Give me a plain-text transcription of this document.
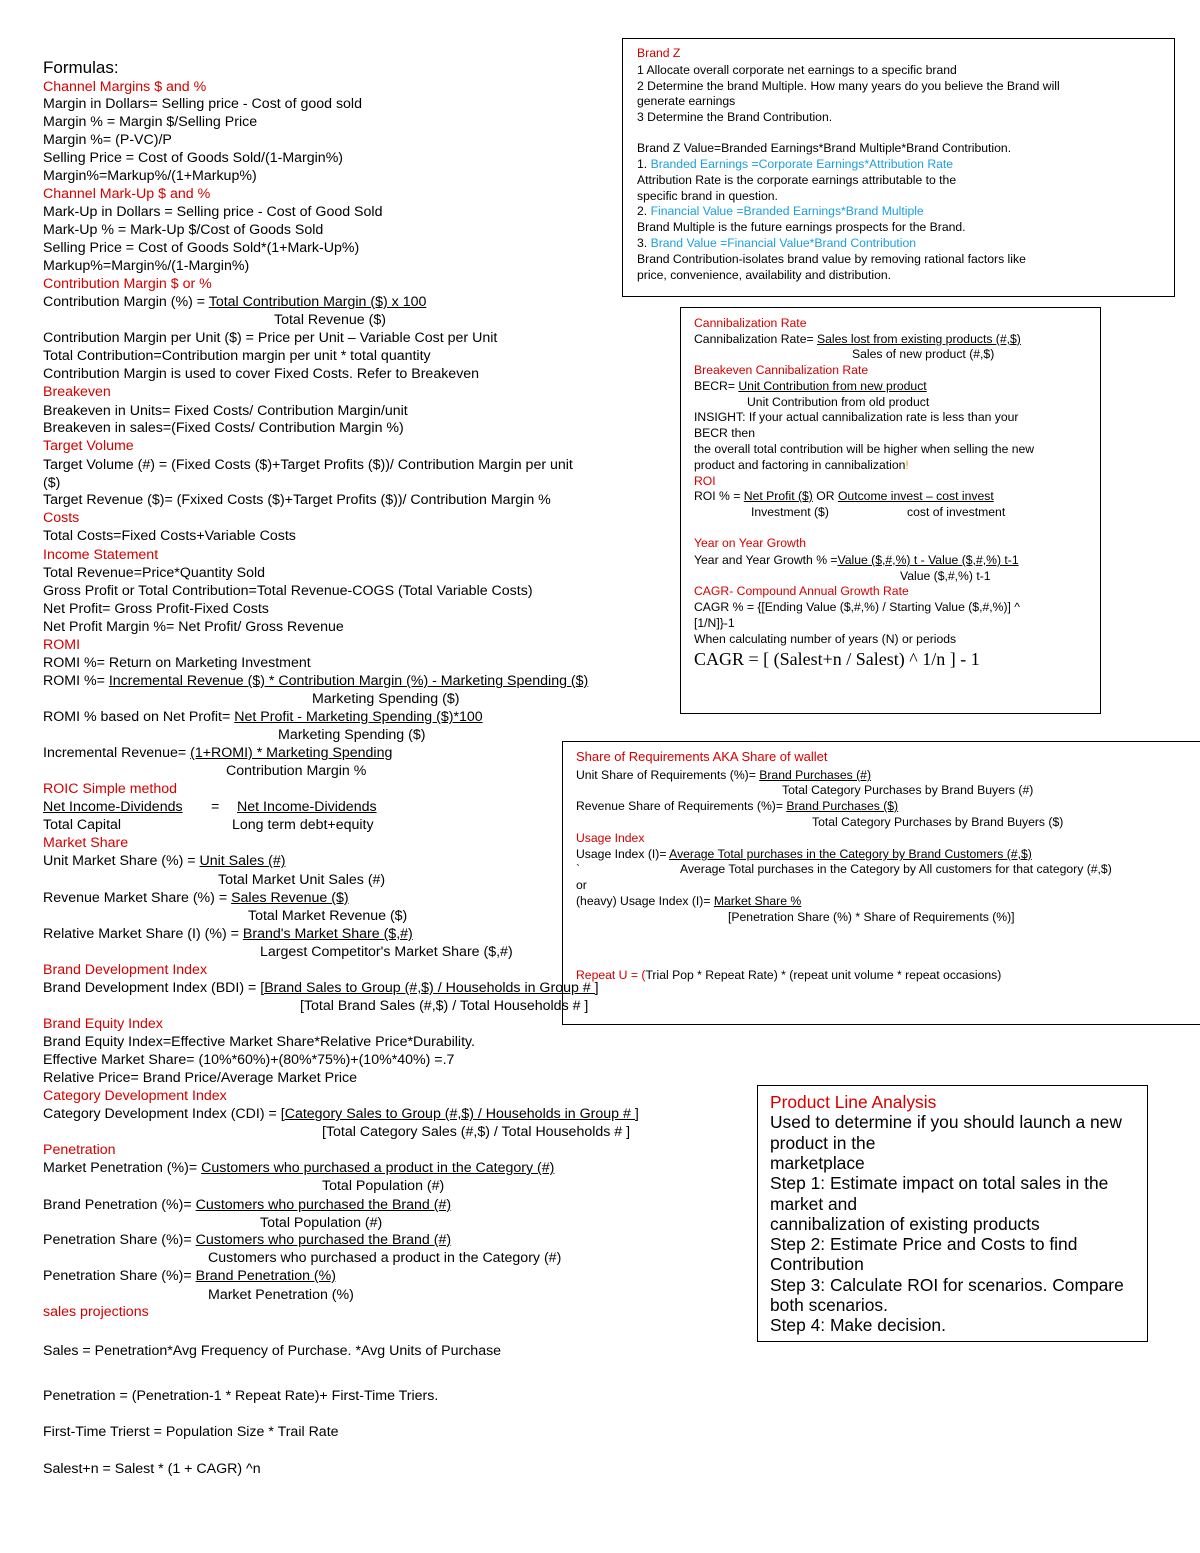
Formulas:
Channel Margins $ and %
Margin in Dollars= Selling price - Cost of good sold
Margin % = Margin $/Selling Price
Margin %= (P-VC)/P
Selling Price = Cost of Goods Sold/(1-Margin%)
Margin%=Markup%/(1+Markup%)
Channel Mark-Up $ and %
Mark-Up in Dollars = Selling price - Cost of Good Sold
Mark-Up % = Mark-Up $/Cost of Goods Sold
Selling Price = Cost of Goods Sold*(1+Mark-Up%)
Markup%=Margin%/(1-Margin%)
Contribution Margin $ or %
Contribution Margin (%) = Total Contribution Margin ($) x 100
Total Revenue ($)
Contribution Margin per Unit ($) = Price per Unit – Variable Cost per Unit
Total Contribution=Contribution margin per unit * total quantity
Contribution Margin is used to cover Fixed Costs. Refer to Breakeven
Breakeven
Breakeven in Units= Fixed Costs/ Contribution Margin/unit
Breakeven in sales=(Fixed Costs/ Contribution Margin %)
Target Volume
Target Volume (#) = (Fixed Costs ($)+Target Profits ($))/ Contribution Margin per unit
($)
Target Revenue ($)= (Fxixed Costs ($)+Target Profits ($))/ Contribution Margin %
Costs
Total Costs=Fixed Costs+Variable Costs
Income Statement
Total Revenue=Price*Quantity Sold
Gross Profit or Total Contribution=Total Revenue-COGS (Total Variable Costs)
Net Profit= Gross Profit-Fixed Costs
Net Profit Margin %= Net Profit/ Gross Revenue
ROMI
ROMI %= Return on Marketing Investment
ROMI %= Incremental Revenue ($) * Contribution Margin (%) - Marketing Spending ($)
Marketing Spending ($)
ROMI % based on Net Profit= Net Profit - Marketing Spending ($)*100
Marketing Spending ($)
Incremental Revenue= (1+ROMI) * Marketing Spending
Contribution Margin %
ROIC Simple method
Net Income-Dividends = Net Income-Dividends
Total Capital	Long term debt+equity
Market Share
Unit Market Share (%) = Unit Sales (#)
Total Market Unit Sales (#)
Revenue Market Share (%) = Sales Revenue ($)
Total Market Revenue ($)
Relative Market Share (I) (%) = Brand's Market Share ($,#)
Largest Competitor's Market Share ($,#)
Brand Development Index
Brand Development Index (BDI) = [Brand Sales to Group (#,$) / Households in Group # ]
[Total Brand Sales (#,$) / Total Households # ]
Brand Equity Index
Brand Equity Index=Effective Market Share*Relative Price*Durability.
Effective Market Share= (10%*60%)+(80%*75%)+(10%*40%) =.7
Relative Price= Brand Price/Average Market Price
Category Development Index
Category Development Index (CDI) = [Category Sales to Group (#,$) / Households in Group # ]
[Total Category Sales (#,$) / Total Households # ]
Penetration
Market Penetration (%)= Customers who purchased a product in the Category (#)
Total Population (#)
Brand Penetration (%)= Customers who purchased the Brand (#)
Total Population (#)
Penetration Share (%)= Customers who purchased the Brand (#)
Customers who purchased a product in the Category (#)
Penetration Share (%)= Brand Penetration (%)
Market Penetration (%)
sales projections
Sales = Penetration*Avg Frequency of Purchase. *Avg Units of Purchase
Penetration = (Penetration-1 * Repeat Rate)+ First-Time Triers.
First-Time Trierst = Population Size * Trail Rate
Salest+n = Salest * (1 + CAGR) ^n
Brand Z
1 Allocate overall corporate net earnings to a specific brand
2 Determine the brand Multiple. How many years do you believe the Brand will
generate earnings
3 Determine the Brand Contribution.
Brand Z Value=Branded Earnings*Brand Multiple*Brand Contribution.
1. Branded Earnings =Corporate Earnings*Attribution Rate
Attribution Rate is the corporate earnings attributable to the
specific brand in question.
2. Financial Value =Branded Earnings*Brand Multiple
Brand Multiple is the future earnings prospects for the Brand.
3. Brand Value =Financial Value*Brand Contribution
Brand Contribution-isolates brand value by removing rational factors like
price, convenience, availability and distribution.
Cannibalization Rate
Cannibalization Rate= Sales lost from existing products (#,$)
Sales of new product (#,$)
Breakeven Cannibalization Rate
BECR= Unit Contribution from new product
Unit Contribution from old product
INSIGHT: If your actual cannibalization rate is less than your
BECR then
the overall total contribution will be higher when selling the new
product and factoring in cannibalization!
ROI
ROI % = Net Profit ($) OR Outcome invest – cost invest
Investment ($)	cost of investment
Year on Year Growth
Year and Year Growth % =Value ($,#,%) t - Value ($,#,%) t-1
Value ($,#,%) t-1
CAGR- Compound Annual Growth Rate
CAGR % = {[Ending Value ($,#,%) / Starting Value ($,#,%)] ^
[1/N]}-1
When calculating number of years (N) or periods
CAGR = [ (Salest+n / Salest) ^ 1/n ] - 1
Share of Requirements AKA Share of wallet
Unit Share of Requirements (%)= Brand Purchases (#)
Total Category Purchases by Brand Buyers (#)
Revenue Share of Requirements (%)= Brand Purchases ($)
Total Category Purchases by Brand Buyers ($)
Usage Index
Usage Index (I)= Average Total purchases in the Category by Brand Customers (#,$)
`	Average Total purchases in the Category by All customers for that category (#,$)
or
(heavy) Usage Index (I)= Market Share %
[Penetration Share (%) * Share of Requirements (%)]
Repeat U = (Trial Pop * Repeat Rate) * (repeat unit volume * repeat occasions)
Product Line Analysis
Used to determine if you should launch a new
product in the
marketplace
Step 1: Estimate impact on total sales in the
market and
cannibalization of existing products
Step 2: Estimate Price and Costs to find
Contribution
Step 3: Calculate ROI for scenarios. Compare
both scenarios.
Step 4: Make decision.
